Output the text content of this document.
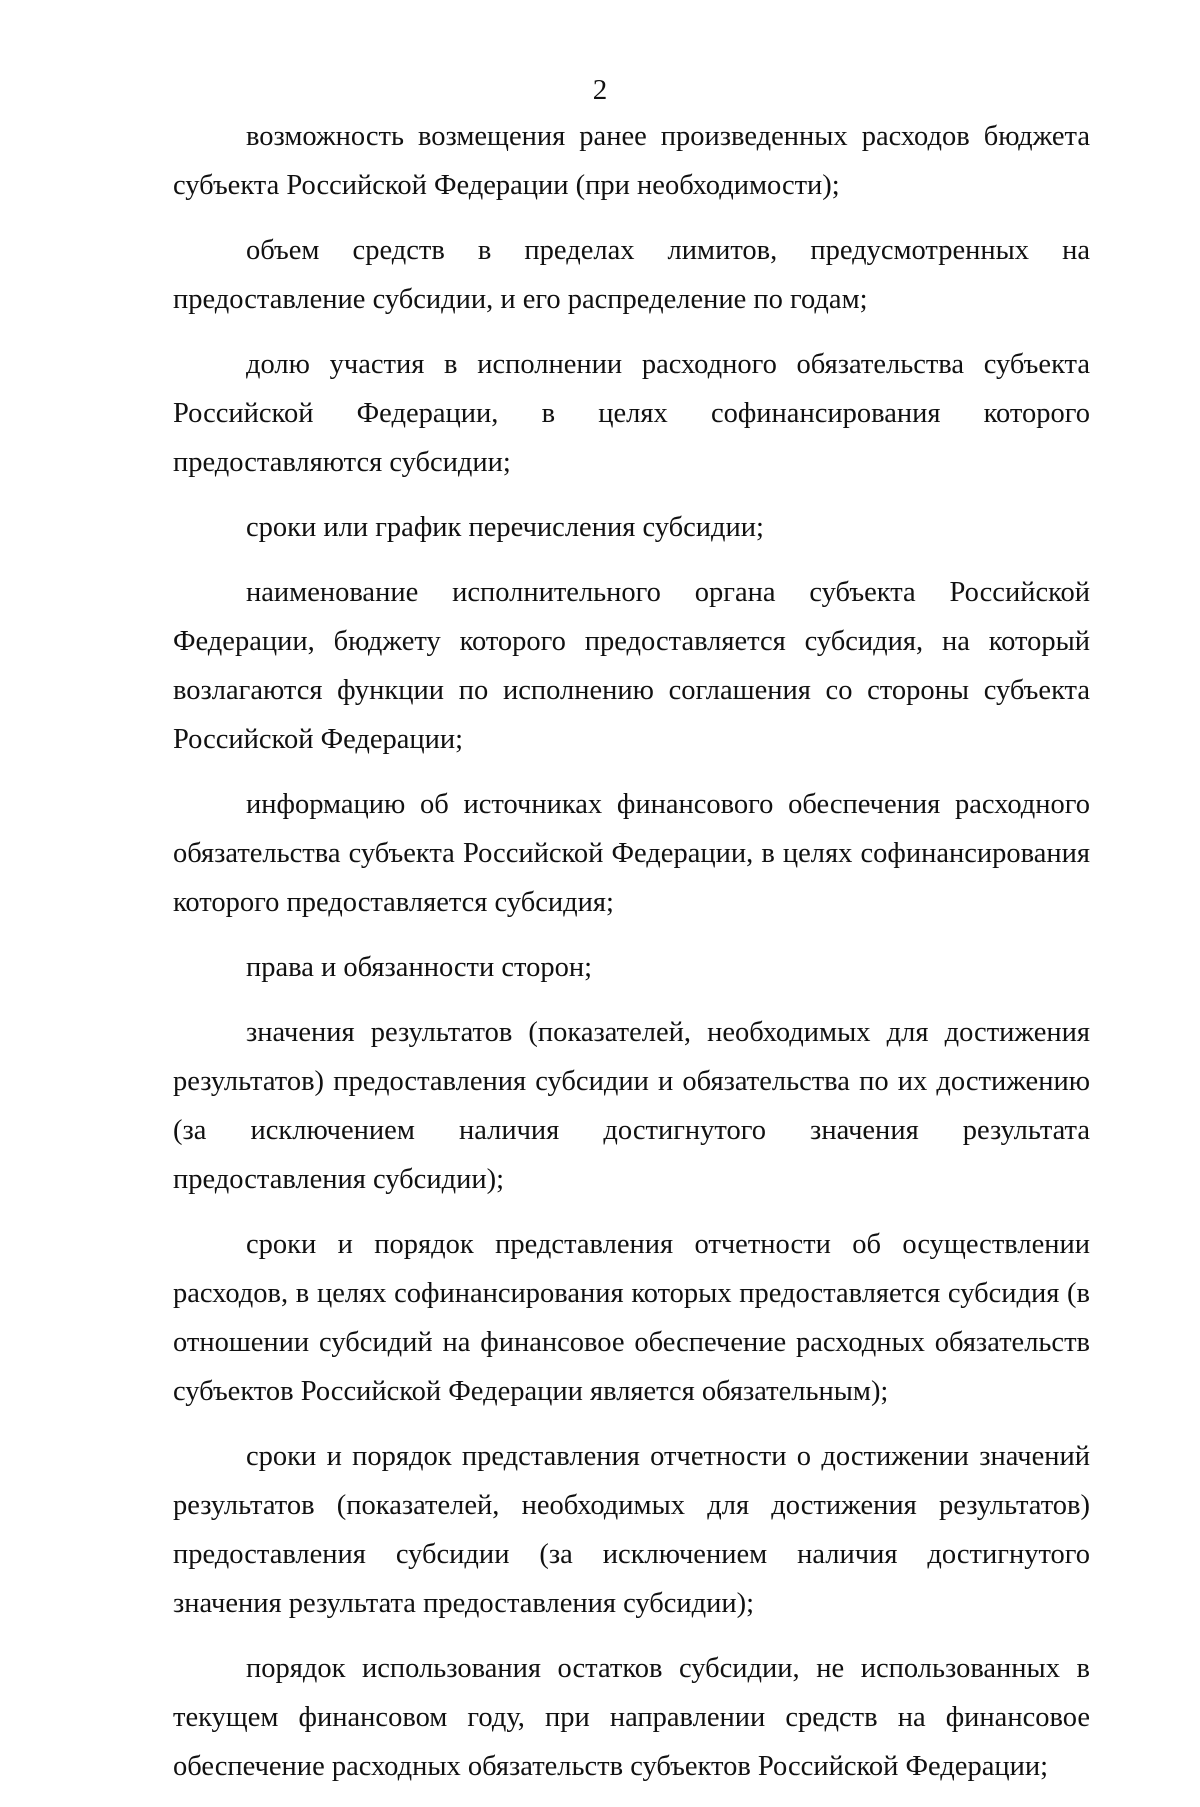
2

возможность возмещения ранее произведенных расходов бюджета субъекта Российской Федерации (при необходимости);

объем средств в пределах лимитов, предусмотренных на предоставление субсидии, и его распределение по годам;

долю участия в исполнении расходного обязательства субъекта Российской Федерации, в целях софинансирования которого предоставляются субсидии;

сроки или график перечисления субсидии;

наименование исполнительного органа субъекта Российской Федерации, бюджету которого предоставляется субсидия, на который возлагаются функции по исполнению соглашения со стороны субъекта Российской Федерации;

информацию об источниках финансового обеспечения расходного обязательства субъекта Российской Федерации, в целях софинансирования которого предоставляется субсидия;

права и обязанности сторон;

значения результатов (показателей, необходимых для достижения результатов) предоставления субсидии и обязательства по их достижению (за исключением наличия достигнутого значения результата предоставления субсидии);

сроки и порядок представления отчетности об осуществлении расходов, в целях софинансирования которых предоставляется субсидия (в отношении субсидий на финансовое обеспечение расходных обязательств субъектов Российской Федерации является обязательным);

сроки и порядок представления отчетности о достижении значений результатов (показателей, необходимых для достижения результатов) предоставления субсидии (за исключением наличия достигнутого значения результата предоставления субсидии);

порядок использования остатков субсидии, не использованных в текущем финансовом году, при направлении средств на финансовое обеспечение расходных обязательств субъектов Российской Федерации;
